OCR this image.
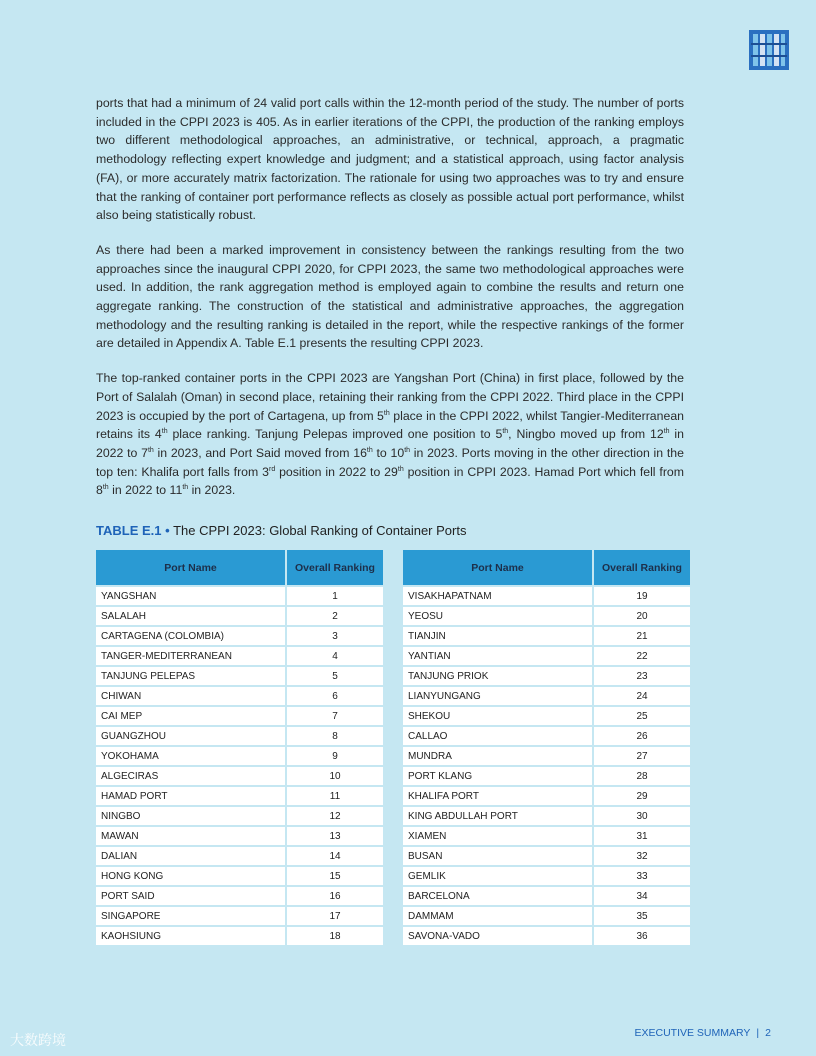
ports that had a minimum of 24 valid port calls within the 12-month period of the study. The number of ports included in the CPPI 2023 is 405. As in earlier iterations of the CPPI, the production of the ranking employs two different methodological approaches, an administrative, or technical, approach, a pragmatic methodology reflecting expert knowledge and judgment; and a statistical approach, using factor analysis (FA), or more accurately matrix factorization. The rationale for using two approaches was to try and ensure that the ranking of container port performance reflects as closely as possible actual port performance, whilst also being statistically robust.

As there had been a marked improvement in consistency between the rankings resulting from the two approaches since the inaugural CPPI 2020, for CPPI 2023, the same two methodological approaches were used. In addition, the rank aggregation method is employed again to combine the results and return one aggregate ranking. The construction of the statistical and administrative approaches, the aggregation methodology and the resulting ranking is detailed in the report, while the respective rankings of the former are detailed in Appendix A. Table E.1 presents the resulting CPPI 2023.

The top-ranked container ports in the CPPI 2023 are Yangshan Port (China) in first place, followed by the Port of Salalah (Oman) in second place, retaining their ranking from the CPPI 2022. Third place in the CPPI 2023 is occupied by the port of Cartagena, up from 5th place in the CPPI 2022, whilst Tangier-Mediterranean retains its 4th place ranking. Tanjung Pelepas improved one position to 5th, Ningbo moved up from 12th in 2022 to 7th in 2023, and Port Said moved from 16th to 10th in 2023. Ports moving in the other direction in the top ten: Khalifa port falls from 3rd position in 2022 to 29th position in CPPI 2023. Hamad Port which fell from 8th in 2022 to 11th in 2023.

TABLE E.1 • The CPPI 2023: Global Ranking of Container Ports
Port Name	Overall Ranking
YANGSHAN	1
SALALAH	2
CARTAGENA (COLOMBIA)	3
TANGER-MEDITERRANEAN	4
TANJUNG PELEPAS	5
CHIWAN	6
CAI MEP	7
GUANGZHOU	8
YOKOHAMA	9
ALGECIRAS	10
HAMAD PORT	11
NINGBO	12
MAWAN	13
DALIAN	14
HONG KONG	15
PORT SAID	16
SINGAPORE	17
KAOHSIUNG	18
Port Name	Overall Ranking
VISAKHAPATNAM	19
YEOSU	20
TIANJIN	21
YANTIAN	22
TANJUNG PRIOK	23
LIANYUNGANG	24
SHEKOU	25
CALLAO	26
MUNDRA	27
PORT KLANG	28
KHALIFA PORT	29
KING ABDULLAH PORT	30
XIAMEN	31
BUSAN	32
GEMLIK	33
BARCELONA	34
DAMMAM	35
SAVONA-VADO	36
EXECUTIVE SUMMARY | 2
大数跨境
